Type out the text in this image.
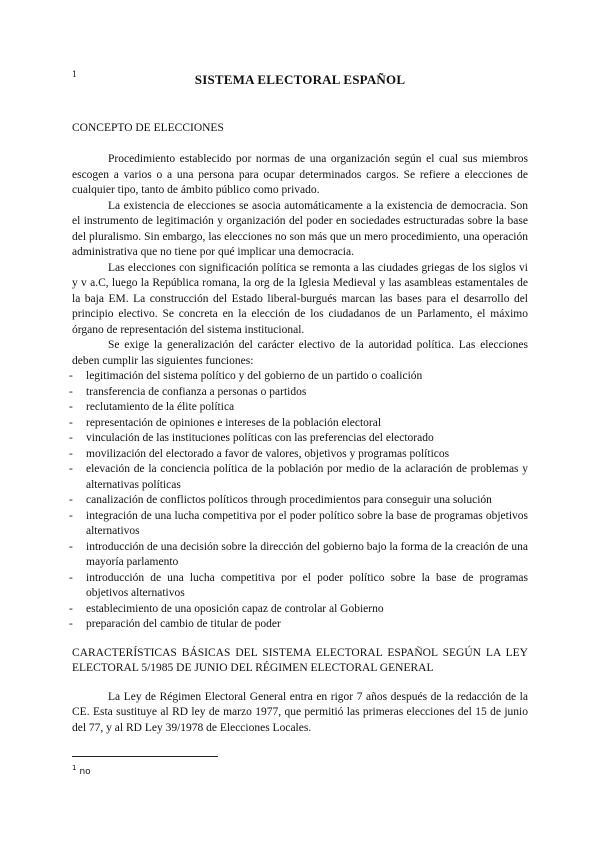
1	SISTEMA ELECTORAL ESPAÑOL
CONCEPTO DE ELECCIONES

Procedimiento establecido por normas de una organización según el cual sus miembros escogen a varios o a una persona para ocupar determinados cargos. Se refiere a elecciones de cualquier tipo, tanto de ámbito público como privado.

La existencia de elecciones se asocia automáticamente a la existencia de democracia. Son el instrumento de legitimación y organización del poder en sociedades estructuradas sobre la base del pluralismo. Sin embargo, las elecciones no son más que un mero procedimiento, una operación administrativa que no tiene por qué implicar una democracia.

Las elecciones con significación política se remonta a las ciudades griegas de los siglos vi y v a.C, luego la República romana, la org de la Iglesia Medieval y las asambleas estamentales de la baja EM. La construcción del Estado liberal-burgués marcan las bases para el desarrollo del principio electivo. Se concreta en la elección de los ciudadanos de un Parlamento, el máximo órgano de representación del sistema institucional.

Se exige la generalización del carácter electivo de la autoridad política. Las elecciones deben cumplir las siguientes funciones:

- legitimación del sistema político y del gobierno de un partido o coalición
- transferencia de confianza a personas o partidos
- reclutamiento de la élite política
- representación de opiniones e intereses de la población electoral
- vinculación de las instituciones políticas con las preferencias del electorado
- movilización del electorado a favor de valores, objetivos y programas políticos
- elevación de la conciencia política de la población por medio de la aclaración de problemas y alternativas políticas
- canalización de conflictos políticos through procedimientos para conseguir una solución
- integración de una lucha competitiva por el poder político sobre la base de programas objetivos alternativos
- introducción de una decisión sobre la dirección del gobierno bajo la forma de la creación de una mayoría parlamento
- introducción de una lucha competitiva por el poder político sobre la base de programas objetivos alternativos
- establecimiento de una oposición capaz de controlar al Gobierno
- preparación del cambio de titular de poder
CARACTERÍSTICAS BÁSICAS DEL SISTEMA ELECTORAL ESPAÑOL SEGÚN LA LEY ELECTORAL 5/1985 DE JUNIO DEL RÉGIMEN ELECTORAL GENERAL

La Ley de Régimen Electoral General entra en rigor 7 años después de la redacción de la CE. Esta sustituye al RD ley de marzo 1977, que permitió las primeras elecciones del 15 de junio del 77, y al RD Ley 39/1978 de Elecciones Locales.

$^1$ no
